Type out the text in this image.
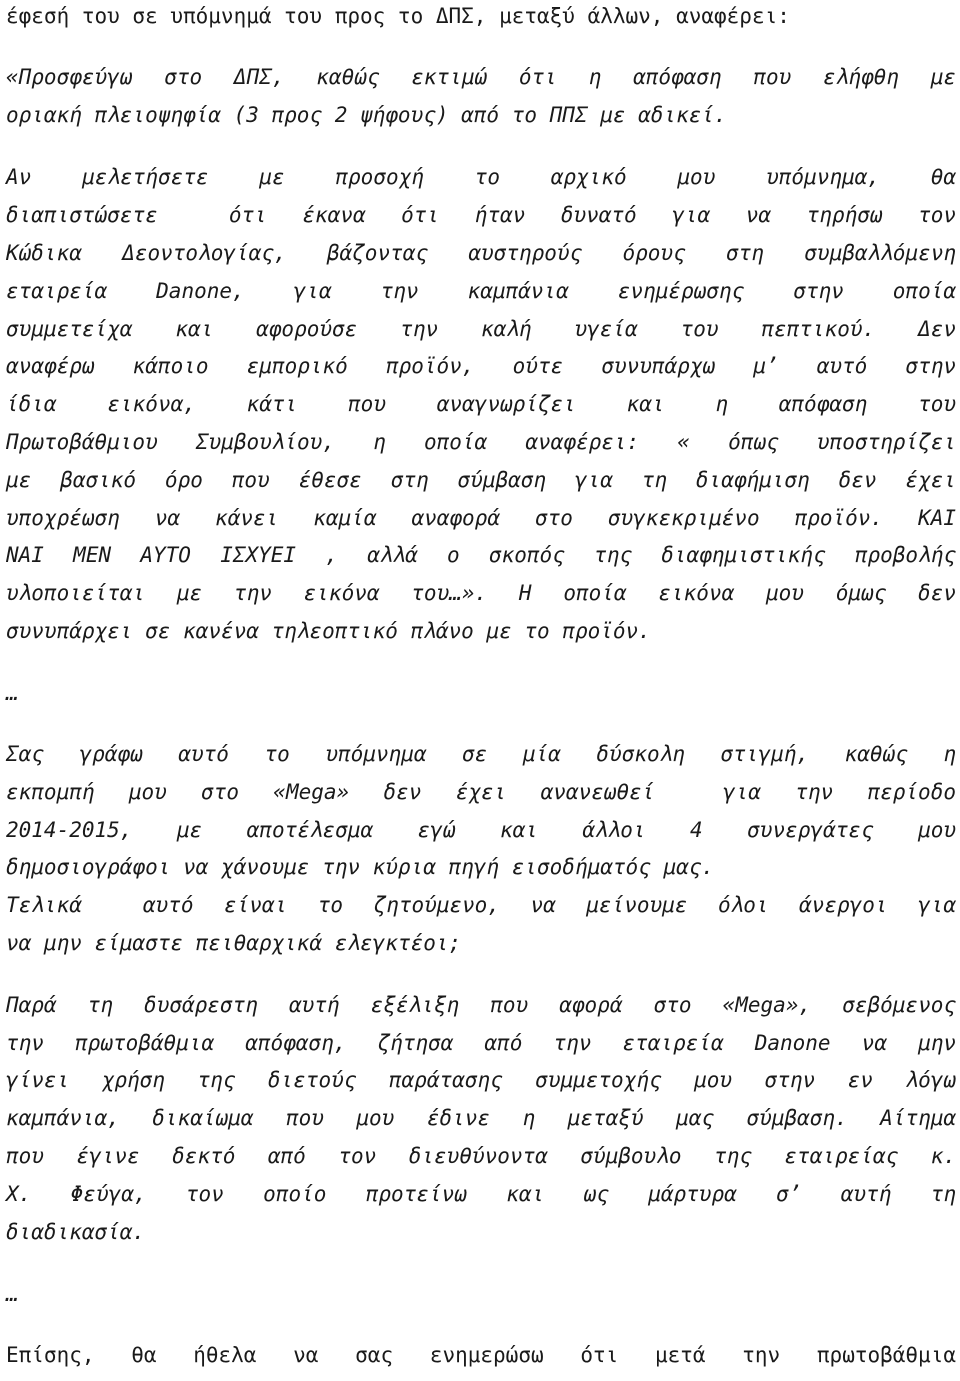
έφεσή του σε υπόμνημά του προς το ΔΠΣ, μεταξύ άλλων, αναφέρει:
«Προσφεύγω στο ΔΠΣ, καθώς εκτιμώ ότι η απόφαση που ελήφθη με
οριακή πλειοψηφία (3 προς 2 ψήφους) από το ΠΠΣ με αδικεί.
Αν μελετήσετε με προσοχή το αρχικό μου υπόμνημα, θα
διαπιστώσετε  ότι έκανα ότι ήταν δυνατό για να τηρήσω τον
Κώδικα Δεοντολογίας, βάζοντας αυστηρούς όρους στη συμβαλλόμενη
εταιρεία Danone, για την καμπάνια ενημέρωσης στην οποία
συμμετείχα και αφορούσε την καλή υγεία του πεπτικού. Δεν
αναφέρω κάποιο εμπορικό προϊόν, ούτε συνυπάρχω μ’ αυτό στην
ίδια εικόνα, κάτι που αναγνωρίζει και η απόφαση του
Πρωτοβάθμιου Συμβουλίου, η οποία αναφέρει: « όπως υποστηρίζει
με βασικό όρο που έθεσε στη σύμβαση για τη διαφήμιση δεν έχει
υποχρέωση να κάνει καμία αναφορά στο συγκεκριμένο προϊόν. ΚΑΙ
ΝΑΙ ΜΕΝ ΑΥΤΟ ΙΣΧΥΕΙ , αλλά ο σκοπός της διαφημιστικής προβολής
υλοποιείται με την εικόνα του…». Η οποία εικόνα μου όμως δεν
συνυπάρχει σε κανένα τηλεοπτικό πλάνο με το προϊόν.
…
Σας γράφω αυτό το υπόμνημα σε μία δύσκολη στιγμή, καθώς η
εκπομπή μου στο «Mega» δεν έχει ανανεωθεί  για την περίοδο
2014-2015, με αποτέλεσμα εγώ και άλλοι 4 συνεργάτες μου
δημοσιογράφοι να χάνουμε την κύρια πηγή εισοδήματός μας.
Τελικά  αυτό είναι το ζητούμενο, να μείνουμε όλοι άνεργοι για
να μην είμαστε πειθαρχικά ελεγκτέοι;
Παρά τη δυσάρεστη αυτή εξέλιξη που αφορά στο «Mega», σεβόμενος
την πρωτοβάθμια απόφαση, ζήτησα από την εταιρεία Danone να μην
γίνει χρήση της διετούς παράτασης συμμετοχής μου στην εν λόγω
καμπάνια, δικαίωμα που μου έδινε η μεταξύ μας σύμβαση. Αίτημα
που έγινε δεκτό από τον διευθύνοντα σύμβουλο της εταιρείας κ.
Χ. Φεύγα, τον οποίο προτείνω και ως μάρτυρα σ’ αυτή τη
διαδικασία.
…
Επίσης, θα ήθελα να σας ενημερώσω ότι μετά την πρωτοβάθμια
